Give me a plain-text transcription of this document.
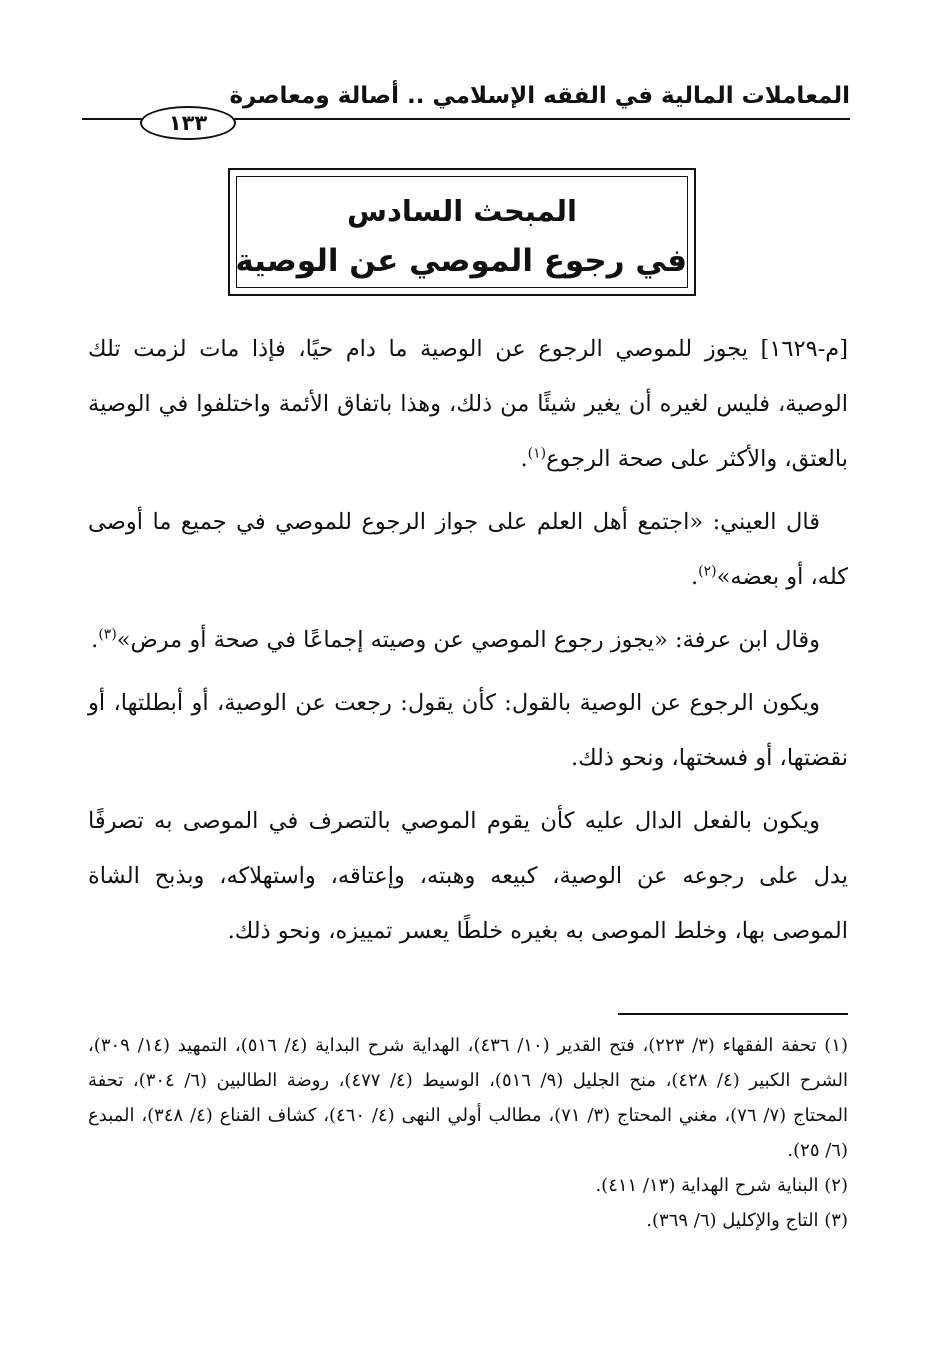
المعاملات المالية في الفقه الإسلامي .. أصالة ومعاصرة
١٣٣
المبحث السادس
في رجوع الموصي عن الوصية

[م-١٦٢٩] يجوز للموصي الرجوع عن الوصية ما دام حيًا، فإذا مات لزمت تلك الوصية، فليس لغيره أن يغير شيئًا من ذلك، وهذا باتفاق الأئمة واختلفوا في الوصية بالعتق، والأكثر على صحة الرجوع$^{(١)}$.

قال العيني: «اجتمع أهل العلم على جواز الرجوع للموصي في جميع ما أوصى كله، أو بعضه»$^{(٢)}$.

وقال ابن عرفة: «يجوز رجوع الموصي عن وصيته إجماعًا في صحة أو مرض»$^{(٣)}$.

ويكون الرجوع عن الوصية بالقول: كأن يقول: رجعت عن الوصية، أو أبطلتها، أو نقضتها، أو فسختها، ونحو ذلك.

ويكون بالفعل الدال عليه كأن يقوم الموصي بالتصرف في الموصى به تصرفًا يدل على رجوعه عن الوصية، كبيعه وهبته، وإعتاقه، واستهلاكه، وبذبح الشاة الموصى بها، وخلط الموصى به بغيره خلطًا يعسر تمييزه، ونحو ذلك.

(١) تحفة الفقهاء (٣/ ٢٢٣)، فتح القدير (١٠/ ٤٣٦)، الهداية شرح البداية (٤/ ٥١٦)، التمهيد (١٤/ ٣٠٩)، الشرح الكبير (٤/ ٤٢٨)، منح الجليل (٩/ ٥١٦)، الوسيط (٤/ ٤٧٧)، روضة الطالبين (٦/ ٣٠٤)، تحفة المحتاج (٧/ ٧٦)، مغني المحتاج (٣/ ٧١)، مطالب أولي النهى (٤/ ٤٦٠)، كشاف القناع (٤/ ٣٤٨)، المبدع (٦/ ٢٥).

(٢) البناية شرح الهداية (١٣/ ٤١١).

(٣) التاج والإكليل (٦/ ٣٦٩).
